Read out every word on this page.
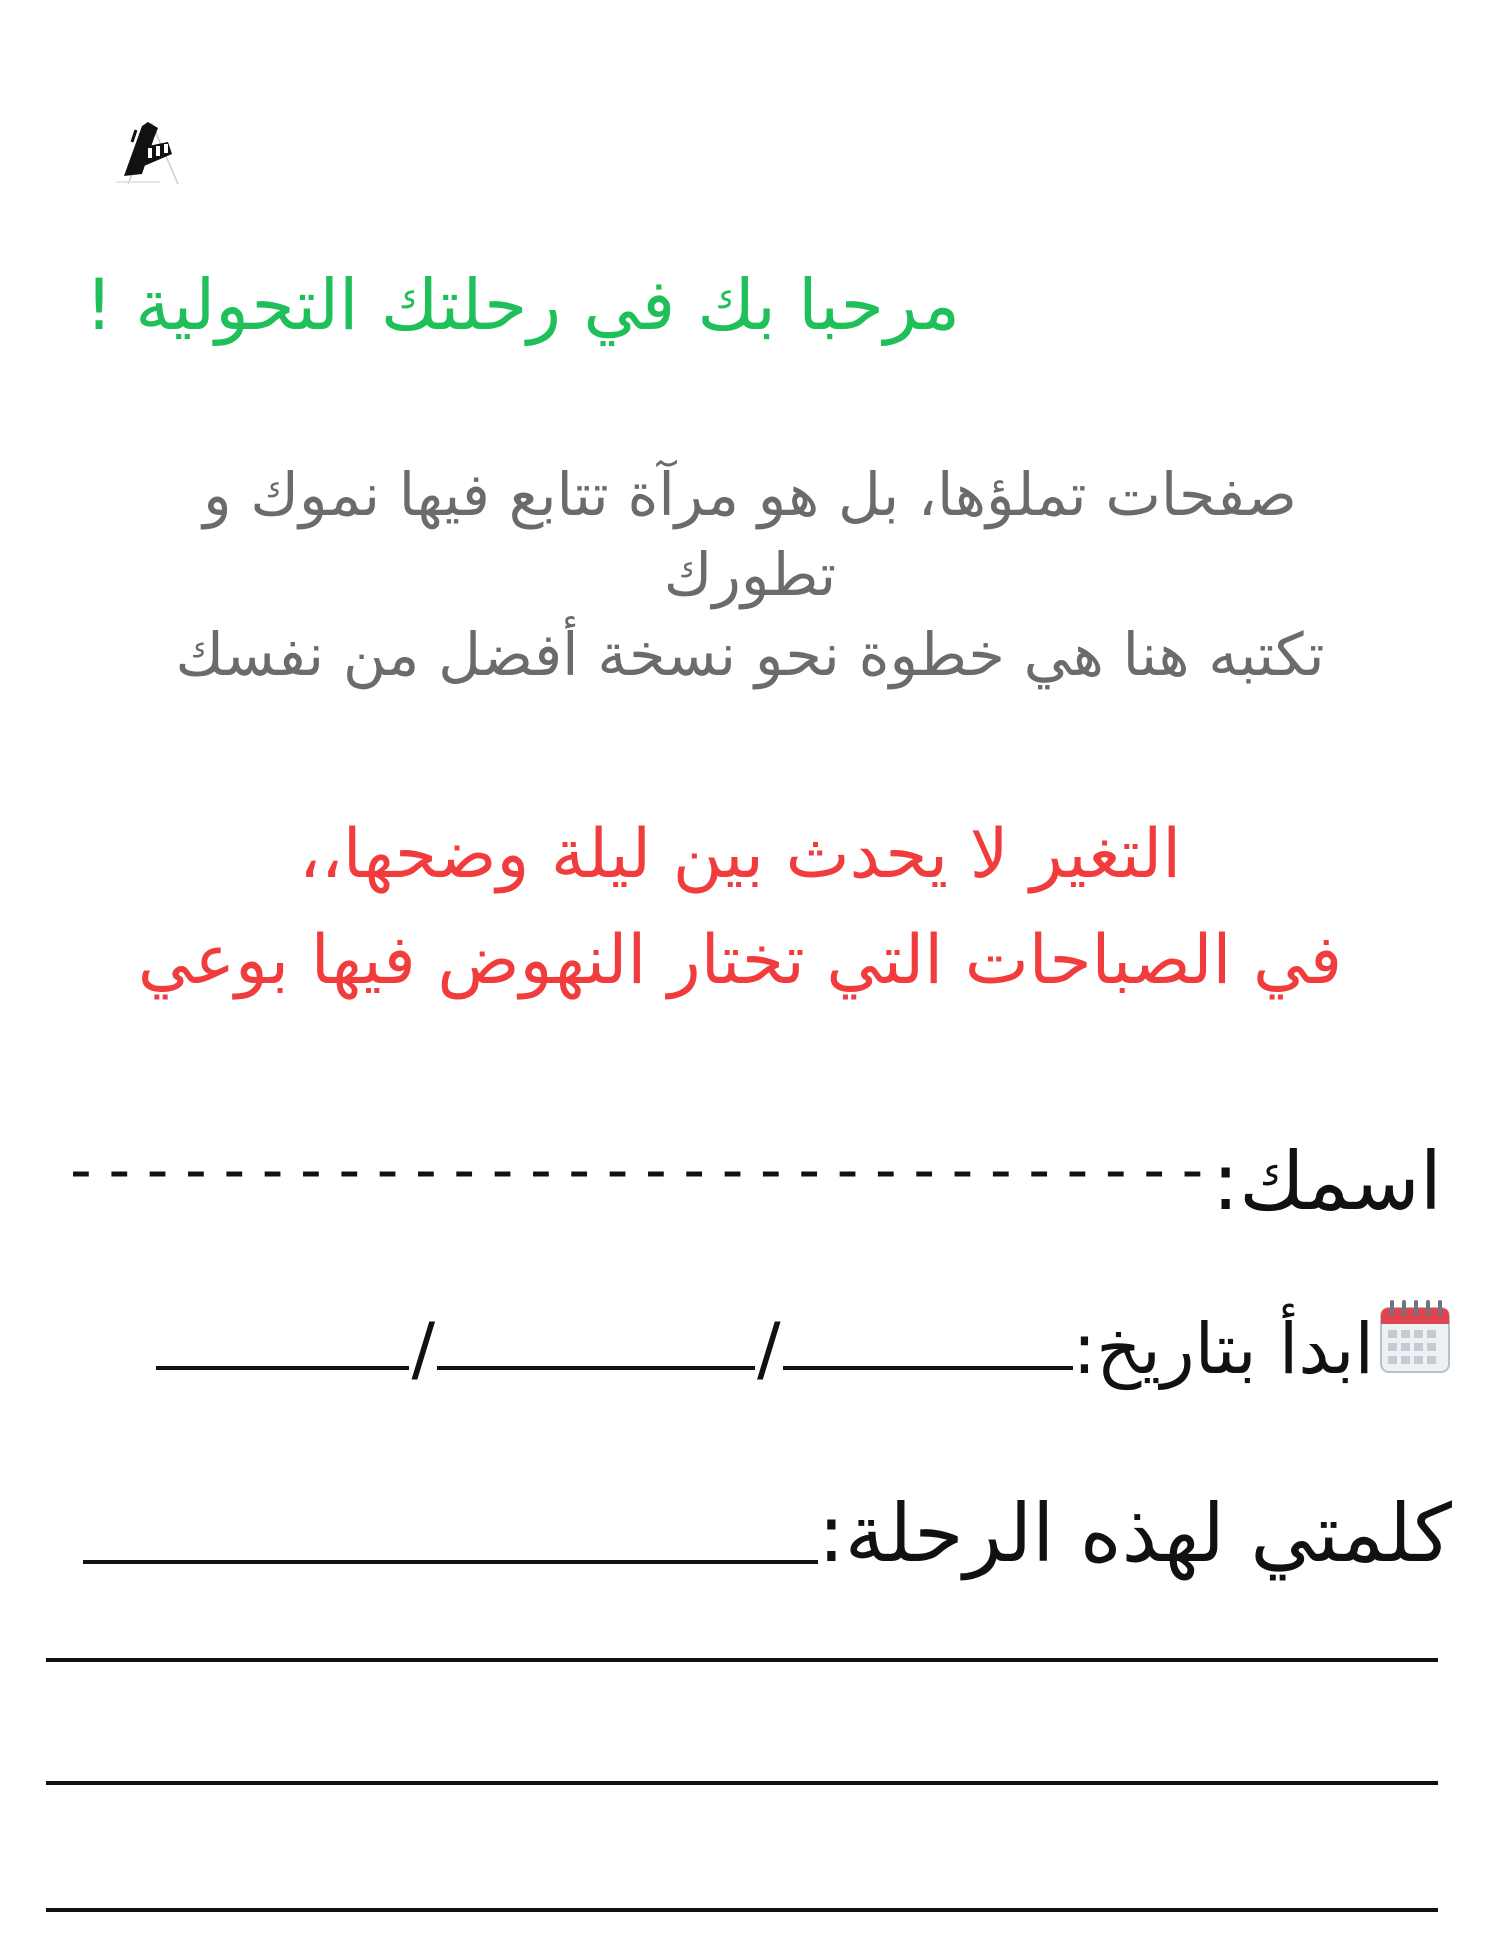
مرحبا بك في رحلتك التحولية !
صفحات تملؤها، بل هو مرآة تتابع فيها نموك و
تطورك
تكتبه هنا هي خطوة نحو نسخة أفضل من نفسك
التغير لا يحدث بين ليلة وضحها،،
في الصباحات التي تختار النهوض فيها بوعي
اسمك:
------------------------------
ابدأ بتاريخ:
/
/
كلمتي لهذه الرحلة:
